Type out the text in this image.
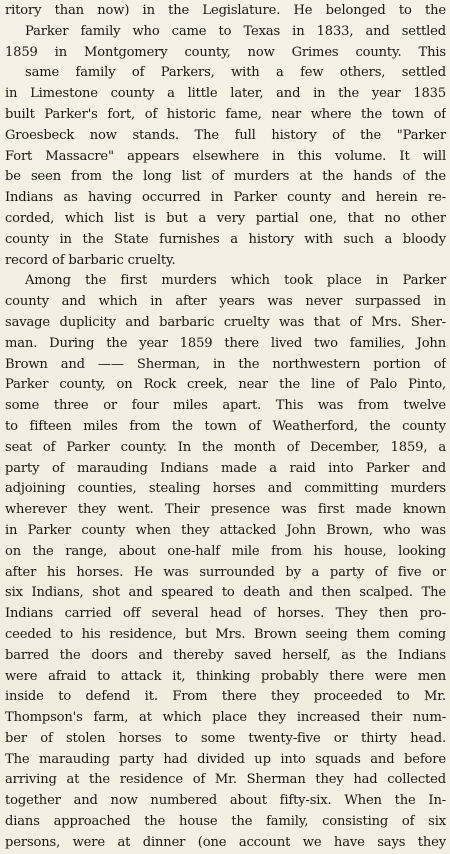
ritory than now) in the Legislature. He belonged to the
Parker family who came to Texas in 1833, and settled
1859 in Montgomery county, now Grimes county. This
same family of Parkers, with a few others, settled
in Limestone county a little later, and in the year 1835
built Parker's fort, of historic fame, near where the town of
Groesbeck now stands. The full history of the "Parker
Fort Massacre" appears elsewhere in this volume. It will
be seen from the long list of murders at the hands of the
Indians as having occurred in Parker county and herein re-
corded, which list is but a very partial one, that no other
county in the State furnishes a history with such a bloody
record of barbaric cruelty.
Among the first murders which took place in Parker
county and which in after years was never surpassed in
savage duplicity and barbaric cruelty was that of Mrs. Sher-
man. During the year 1859 there lived two families, John
Brown and —— Sherman, in the northwestern portion of
Parker county, on Rock creek, near the line of Palo Pinto,
some three or four miles apart. This was from twelve
to fifteen miles from the town of Weatherford, the county
seat of Parker county. In the month of December, 1859, a
party of marauding Indians made a raid into Parker and
adjoining counties, stealing horses and committing murders
wherever they went. Their presence was first made known
in Parker county when they attacked John Brown, who was
on the range, about one-half mile from his house, looking
after his horses. He was surrounded by a party of five or
six Indians, shot and speared to death and then scalped. The
Indians carried off several head of horses. They then pro-
ceeded to his residence, but Mrs. Brown seeing them coming
barred the doors and thereby saved herself, as the Indians
were afraid to attack it, thinking probably there were men
inside to defend it. From there they proceeded to Mr.
Thompson's farm, at which place they increased their num-
ber of stolen horses to some twenty-five or thirty head.
The marauding party had divided up into squads and before
arriving at the residence of Mr. Sherman they had collected
together and now numbered about fifty-six. When the In-
dians approached the house the family, consisting of six
persons, were at dinner (one account we have says they
